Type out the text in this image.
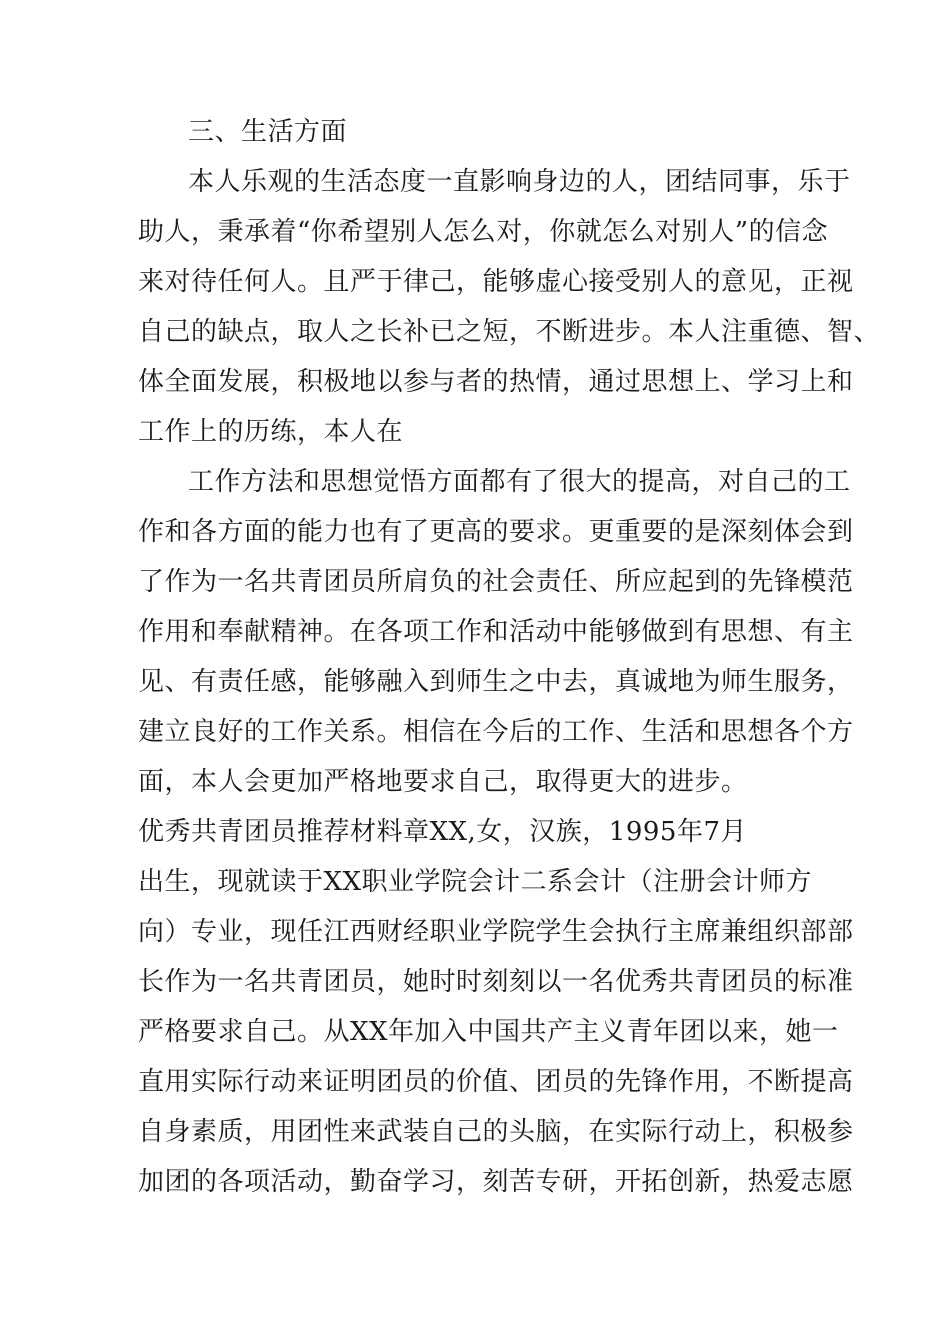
三、生活方面
本人乐观的生活态度一直影响身边的人，团结同事，乐于
助人，秉承着“你希望别人怎么对，你就怎么对别人”的信念
来对待任何人。且严于律己，能够虚心接受别人的意见，正视
自己的缺点，取人之长补已之短，不断进步。本人注重德、智、
体全面发展，积极地以参与者的热情，通过思想上、学习上和
工作上的历练，本人在
工作方法和思想觉悟方面都有了很大的提高，对自己的工
作和各方面的能力也有了更高的要求。更重要的是深刻体会到
了作为一名共青团员所肩负的社会责任、所应起到的先锋模范
作用和奉献精神。在各项工作和活动中能够做到有思想、有主
见、有责任感，能够融入到师生之中去，真诚地为师生服务，
建立良好的工作关系。相信在今后的工作、生活和思想各个方
面，本人会更加严格地要求自己，取得更大的进步。
优秀共青团员推荐材料章XX,女，汉族，1995年7月
出生，现就读于XX职业学院会计二系会计（注册会计师方
向）专业，现任江西财经职业学院学生会执行主席兼组织部部
长作为一名共青团员，她时时刻刻以一名优秀共青团员的标准
严格要求自己。从XX年加入中国共产主义青年团以来，她一
直用实际行动来证明团员的价值、团员的先锋作用，不断提高
自身素质，用团性来武装自己的头脑，在实际行动上，积极参
加团的各项活动，勤奋学习，刻苦专研，开拓创新，热爱志愿
